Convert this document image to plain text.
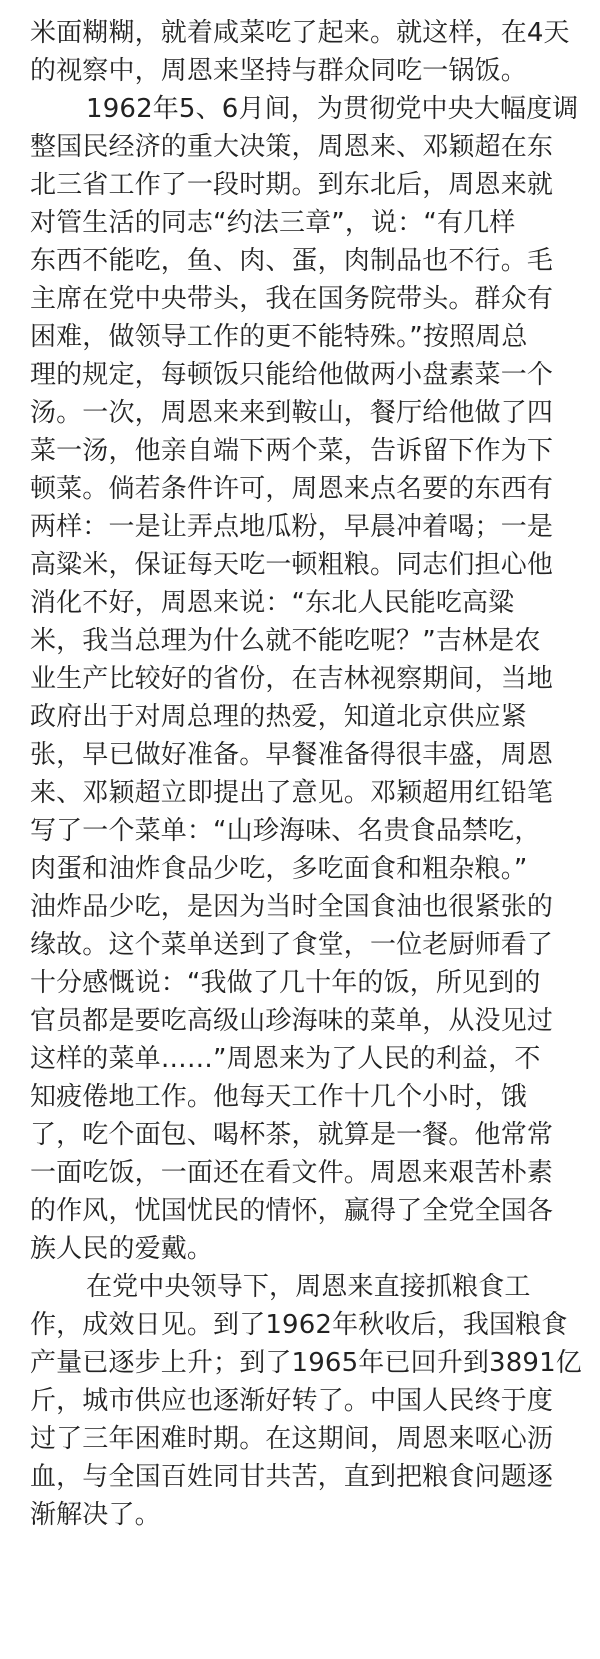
米面糊糊，就着咸菜吃了起来。就这样，在4天
的视察中，周恩来坚持与群众同吃一锅饭。
1962年5、6月间，为贯彻党中央大幅度调
整国民经济的重大决策，周恩来、邓颖超在东
北三省工作了一段时期。到东北后，周恩来就
对管生活的同志“约法三章”，说：“有几样
东西不能吃，鱼、肉、蛋，肉制品也不行。毛
主席在党中央带头，我在国务院带头。群众有
困难，做领导工作的更不能特殊。”按照周总
理的规定，每顿饭只能给他做两小盘素菜一个
汤。一次，周恩来来到鞍山，餐厅给他做了四
菜一汤，他亲自端下两个菜，告诉留下作为下
顿菜。倘若条件许可，周恩来点名要的东西有
两样：一是让弄点地瓜粉，早晨冲着喝；一是
高粱米，保证每天吃一顿粗粮。同志们担心他
消化不好，周恩来说：“东北人民能吃高粱
米，我当总理为什么就不能吃呢？”吉林是农
业生产比较好的省份，在吉林视察期间，当地
政府出于对周总理的热爱，知道北京供应紧
张，早已做好准备。早餐准备得很丰盛，周恩
来、邓颖超立即提出了意见。邓颖超用红铅笔
写了一个菜单：“山珍海味、名贵食品禁吃，
肉蛋和油炸食品少吃，多吃面食和粗杂粮。”
油炸品少吃，是因为当时全国食油也很紧张的
缘故。这个菜单送到了食堂，一位老厨师看了
十分感慨说：“我做了几十年的饭，所见到的
官员都是要吃高级山珍海味的菜单，从没见过
这样的菜单……”周恩来为了人民的利益，不
知疲倦地工作。他每天工作十几个小时，饿
了，吃个面包、喝杯茶，就算是一餐。他常常
一面吃饭，一面还在看文件。周恩来艰苦朴素
的作风，忧国忧民的情怀，赢得了全党全国各
族人民的爱戴。
在党中央领导下，周恩来直接抓粮食工
作，成效日见。到了1962年秋收后，我国粮食
产量已逐步上升；到了1965年已回升到3891亿
斤，城市供应也逐渐好转了。中国人民终于度
过了三年困难时期。在这期间，周恩来呕心沥
血，与全国百姓同甘共苦，直到把粮食问题逐
渐解决了。
